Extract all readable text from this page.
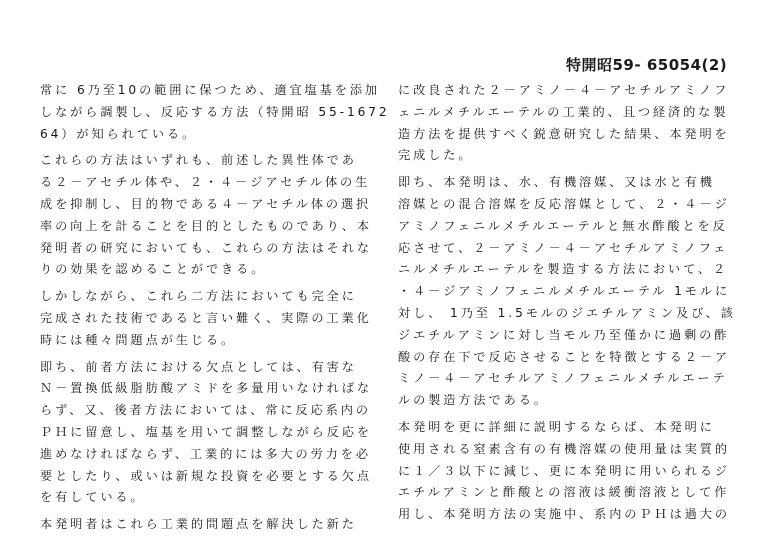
特開昭59- 65054(2)
常に 6乃至10の範囲に保つため、適宜塩基を添加
しながら調製し、反応する方法（特開昭 55-1672
64）が知られている。
これらの方法はいずれも、前述した異性体であ
る２－アセチル体や、２・４－ジアセチル体の生
成を抑制し、目的物である４－アセチル体の選択
率の向上を計ることを目的としたものであり、本
発明者の研究においても、これらの方法はそれな
りの効果を認めることができる。
しかしながら、これら二方法においても完全に
完成された技術であると言い難く、実際の工業化
時には種々問題点が生じる。
即ち、前者方法における欠点としては、有害な
Ｎ－置換低級脂肪酸アミドを多量用いなければな
らず、又、後者方法においては、常に反応系内の
ＰＨに留意し、塩基を用いて調整しながら反応を
進めなければならず、工業的には多大の労力を必
要としたり、或いは新規な投資を必要とする欠点
を有している。
本発明者はこれら工業的問題点を解決した新た
に改良された２－アミノ－４－アセチルアミノフ
ェニルメチルエーテルの工業的、且つ経済的な製
造方法を提供すべく鋭意研究した結果、本発明を
完成した。
即ち、本発明は、水、有機溶媒、又は水と有機
溶媒との混合溶媒を反応溶媒として、２・４－ジ
アミノフェニルメチルエーテルと無水酢酸とを反
応させて、２－アミノ－４－アセチルアミノフェ
ニルメチルエーテルを製造する方法において、２
・４－ジアミノフェニルメチルエーテル 1モルに
対し、 1乃至 1.5モルのジエチルアミン及び、該
ジエチルアミンに対し当モル乃至僅かに過剰の酢
酸の存在下で反応させることを特徴とする２－ア
ミノ－４－アセチルアミノフェニルメチルエーテ
ルの製造方法である。
本発明を更に詳細に説明するならば、本発明に
使用される窒素含有の有機溶媒の使用量は実質的
に１／３以下に減じ、更に本発明に用いられるジ
エチルアミンと酢酸との溶液は緩衝溶液として作
用し、本発明方法の実施中、系内のＰＨは過大の
